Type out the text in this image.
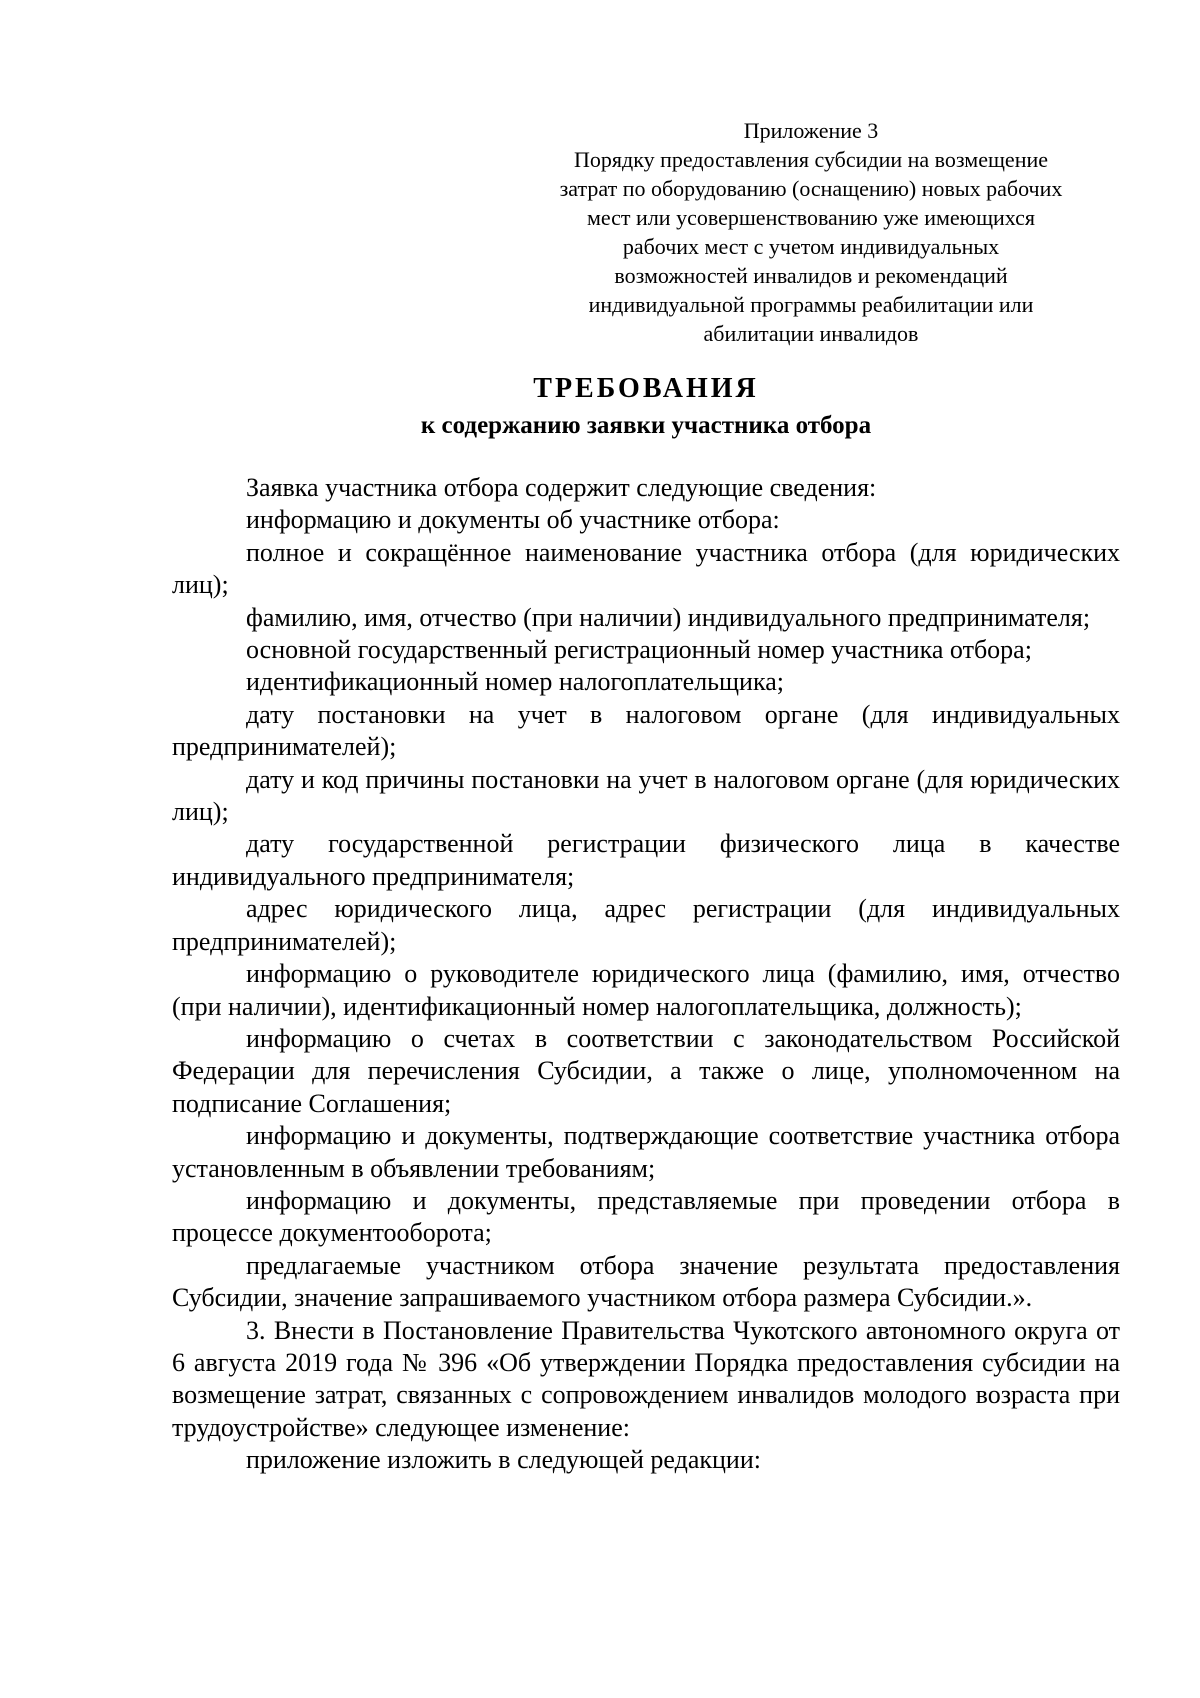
Приложение 3
Порядку предоставления субсидии на возмещение
затрат по оборудованию (оснащению) новых рабочих
мест или усовершенствованию уже имеющихся
рабочих мест с учетом индивидуальных
возможностей инвалидов и рекомендаций
индивидуальной программы реабилитации или
абилитации инвалидов
ТРЕБОВАНИЯ
к содержанию заявки участника отбора

Заявка участника отбора содержит следующие сведения:

информацию и документы об участнике отбора:

полное и сокращённое наименование участника отбора (для юридических лиц);

фамилию, имя, отчество (при наличии) индивидуального предпринимателя;

основной государственный регистрационный номер участника отбора;

идентификационный номер налогоплательщика;

дату постановки на учет в налоговом органе (для индивидуальных предпринимателей);

дату и код причины постановки на учет в налоговом органе (для юридических лиц);

дату государственной регистрации физического лица в качестве индивидуального предпринимателя;

адрес юридического лица, адрес регистрации (для индивидуальных предпринимателей);

информацию о руководителе юридического лица (фамилию, имя, отчество (при наличии), идентификационный номер налогоплательщика, должность);

информацию о счетах в соответствии с законодательством Российской Федерации для перечисления Субсидии, а также о лице, уполномоченном на подписание Соглашения;

информацию и документы, подтверждающие соответствие участника отбора установленным в объявлении требованиям;

информацию и документы, представляемые при проведении отбора в процессе документооборота;

предлагаемые участником отбора значение результата предоставления Субсидии, значение запрашиваемого участником отбора размера Субсидии.».

3. Внести в Постановление Правительства Чукотского автономного округа от 6 августа 2019 года № 396 «Об утверждении Порядка предоставления субсидии на возмещение затрат, связанных с сопровождением инвалидов молодого возраста при трудоустройстве» следующее изменение:

приложение изложить в следующей редакции:
